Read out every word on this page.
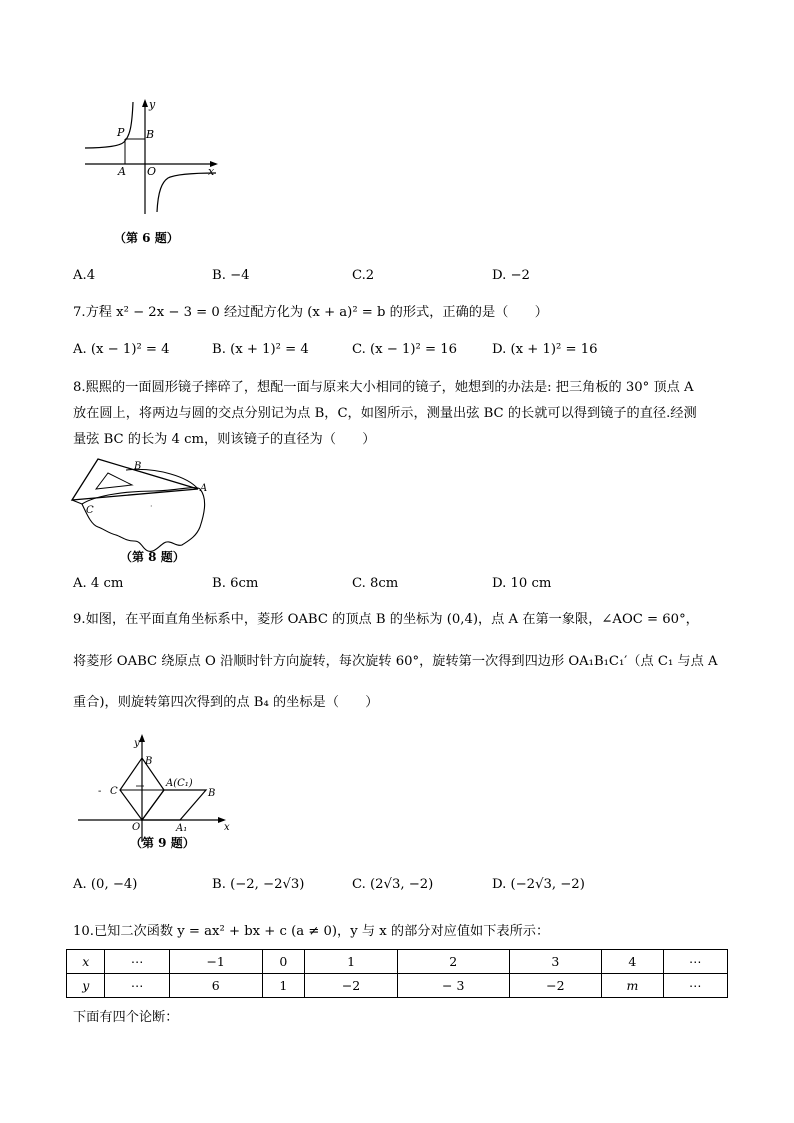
y
x
P B
A O
（第 6 题）
A.4	B. −4	C.2	D. −2
7.方程 x² − 2x − 3 = 0 经过配方化为 (x + a)² = b 的形式，正确的是（　　）
A. (x − 1)² = 4	B. (x + 1)² = 4	C. (x − 1)² = 16	D. (x + 1)² = 16
8.熙熙的一面圆形镜子摔碎了，想配一面与原来大小相同的镜子，她想到的办法是: 把三角板的 30° 顶点 A
放在圆上，将两边与圆的交点分别记为点 B，C，如图所示，测量出弦 BC 的长就可以得到镜子的直径.经测
量弦 BC 的长为 4 cm，则该镜子的直径为（　　）
B
A
C	·
（第 8 题）
A. 4 cm	B. 6cm	C. 8cm	D. 10 cm
9.如图，在平面直角坐标系中，菱形 OABC 的顶点 B 的坐标为 (0,4)，点 A 在第一象限，∠AOC = 60°，
将菱形 OABC 绕原点 O 沿顺时针方向旋转，每次旋转 60°，旋转第一次得到四边形 OA₁B₁C₁′（点 C₁ 与点 A
重合)，则旋转第四次得到的点 B₄ 的坐标是（　　）
y
B
A(C₁)
B
C
-
O	A₁	x
（第 9 题）
A. (0, −4)	B. (−2, −2√3)	C. (2√3, −2)	D. (−2√3, −2)
10.已知二次函数 y = ax² + bx + c (a ≠ 0)，y 与 x 的部分对应值如下表所示：
x	⋯	−1	0	1	2	3	4	⋯
y	⋯	6	1	−2	− 3	−2	m	⋯
下面有四个论断：
